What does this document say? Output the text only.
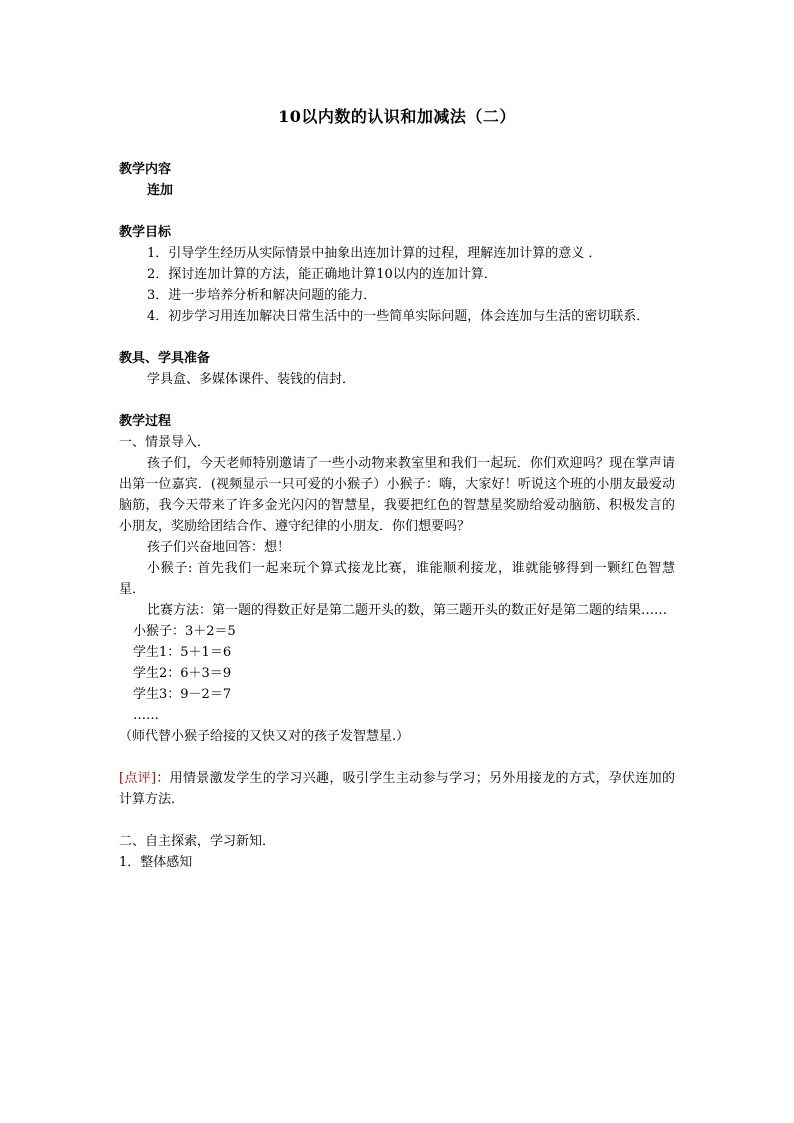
10以内数的认识和加减法（二）
教学内容
连加
教学目标
1．引导学生经历从实际情景中抽象出连加计算的过程，理解连加计算的意义 ．
2．探讨连加计算的方法，能正确地计算10以内的连加计算．
3．进一步培养分析和解决问题的能力．
4．初步学习用连加解决日常生活中的一些简单实际问题，体会连加与生活的密切联系．
教具、学具准备
学具盒、多媒体课件、装钱的信封．
教学过程
一、情景导入．
孩子们，今天老师特别邀请了一些小动物来教室里和我们一起玩．你们欢迎吗？现在掌声请出第一位嘉宾．(视频显示一只可爱的小猴子）小猴子：嗨，大家好！听说这个班的小朋友最爱动脑筋，我今天带来了许多金光闪闪的智慧星，我要把红色的智慧星奖励给爱动脑筋、积极发言的小朋友，奖励给团结合作、遵守纪律的小朋友．你们想要吗？
孩子们兴奋地回答：想！
小猴子: 首先我们一起来玩个算式接龙比赛，谁能顺利接龙，谁就能够得到一颗红色智慧星．
比赛方法：第一题的得数正好是第二题开头的数，第三题开头的数正好是第二题的结果……
小猴子：3＋2＝5
学生1：5＋1＝6
学生2：6＋3＝9
学生3：9－2＝7
……
（师代替小猴子给接的又快又对的孩子发智慧星.）
[点评]：用情景激发学生的学习兴趣，吸引学生主动参与学习；另外用接龙的方式，孕伏连加的计算方法．
二、自主探索，学习新知．
1．整体感知
